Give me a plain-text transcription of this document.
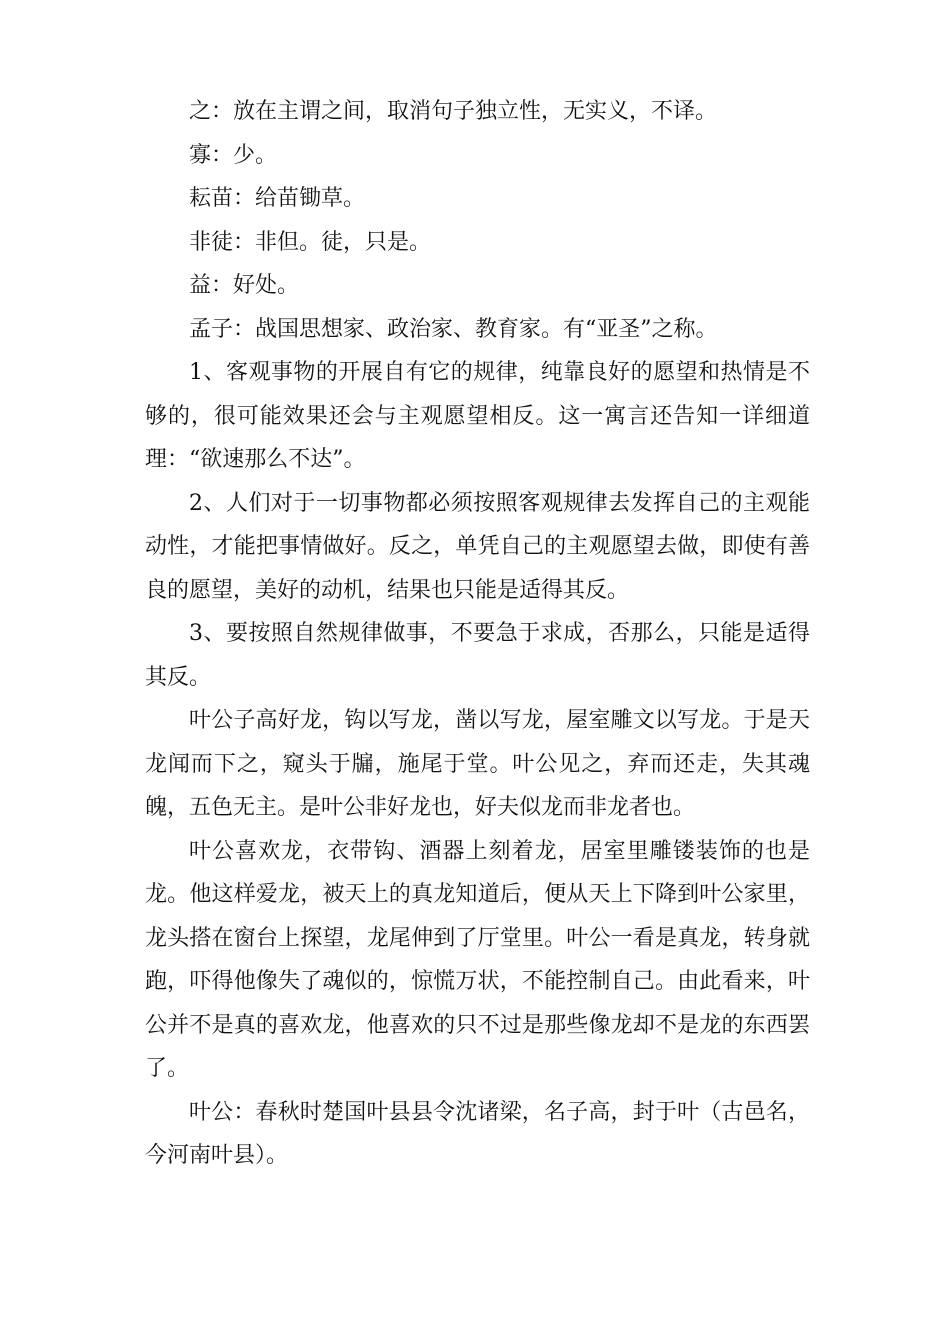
之：放在主谓之间，取消句子独立性，无实义，不译。

寡：少。

耘苗：给苗锄草。

非徒：非但。徒，只是。

益：好处。

孟子：战国思想家、政治家、教育家。有“亚圣”之称。

1、客观事物的开展自有它的规律，纯靠良好的愿望和热情是不够的，很可能效果还会与主观愿望相反。这一寓言还告知一详细道理：“欲速那么不达”。

2、人们对于一切事物都必须按照客观规律去发挥自己的主观能动性，才能把事情做好。反之，单凭自己的主观愿望去做，即使有善良的愿望，美好的动机，结果也只能是适得其反。

3、要按照自然规律做事，不要急于求成，否那么，只能是适得其反。

叶公子高好龙，钩以写龙，凿以写龙，屋室雕文以写龙。于是天龙闻而下之，窥头于牖，施尾于堂。叶公见之，弃而还走，失其魂魄，五色无主。是叶公非好龙也，好夫似龙而非龙者也。

叶公喜欢龙，衣带钩、酒器上刻着龙，居室里雕镂装饰的也是龙。他这样爱龙，被天上的真龙知道后，便从天上下降到叶公家里，龙头搭在窗台上探望，龙尾伸到了厅堂里。叶公一看是真龙，转身就跑，吓得他像失了魂似的，惊慌万状，不能控制自己。由此看来，叶公并不是真的喜欢龙，他喜欢的只不过是那些像龙却不是龙的东西罢了。

叶公：春秋时楚国叶县县令沈诸梁，名子高，封于叶（古邑名，今河南叶县）。
